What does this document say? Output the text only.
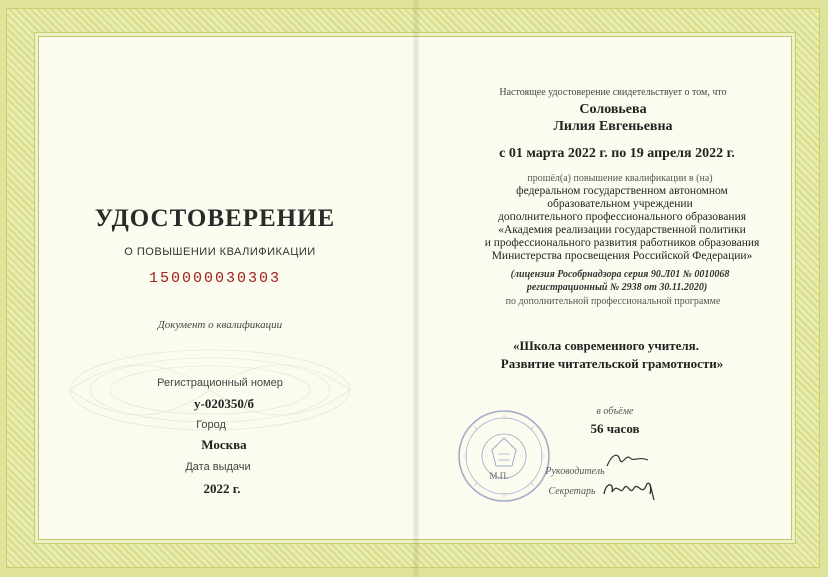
УДОСТОВЕРЕНИЕ
О ПОВЫШЕНИИ КВАЛИФИКАЦИИ
150000030303
Документ о квалификации
Регистрационный номер
у-020350/б
Город
Москва
Дата выдачи
2022 г.
Настоящее удостоверение свидетельствует о том, что
Соловьева
Лилия Евгеньевна
с 01 марта 2022 г. по 19 апреля 2022 г.
прошёл(а) повышение квалификации в (на)
федеральном государственном автономном
образовательном учреждении
дополнительного профессионального образования
«Академия реализации государственной политики
и профессионального развития работников образования
Министерства просвещения Российской Федерации»
(лицензия Рособрнадзора серия 90.Л01 № 0010068
регистрационный № 2938 от 30.11.2020)
по дополнительной профессиональной программе
«Школа современного учителя.
Развитие читательской грамотности»
в объёме
56 часов
М.П.	Руководитель
Секретарь
